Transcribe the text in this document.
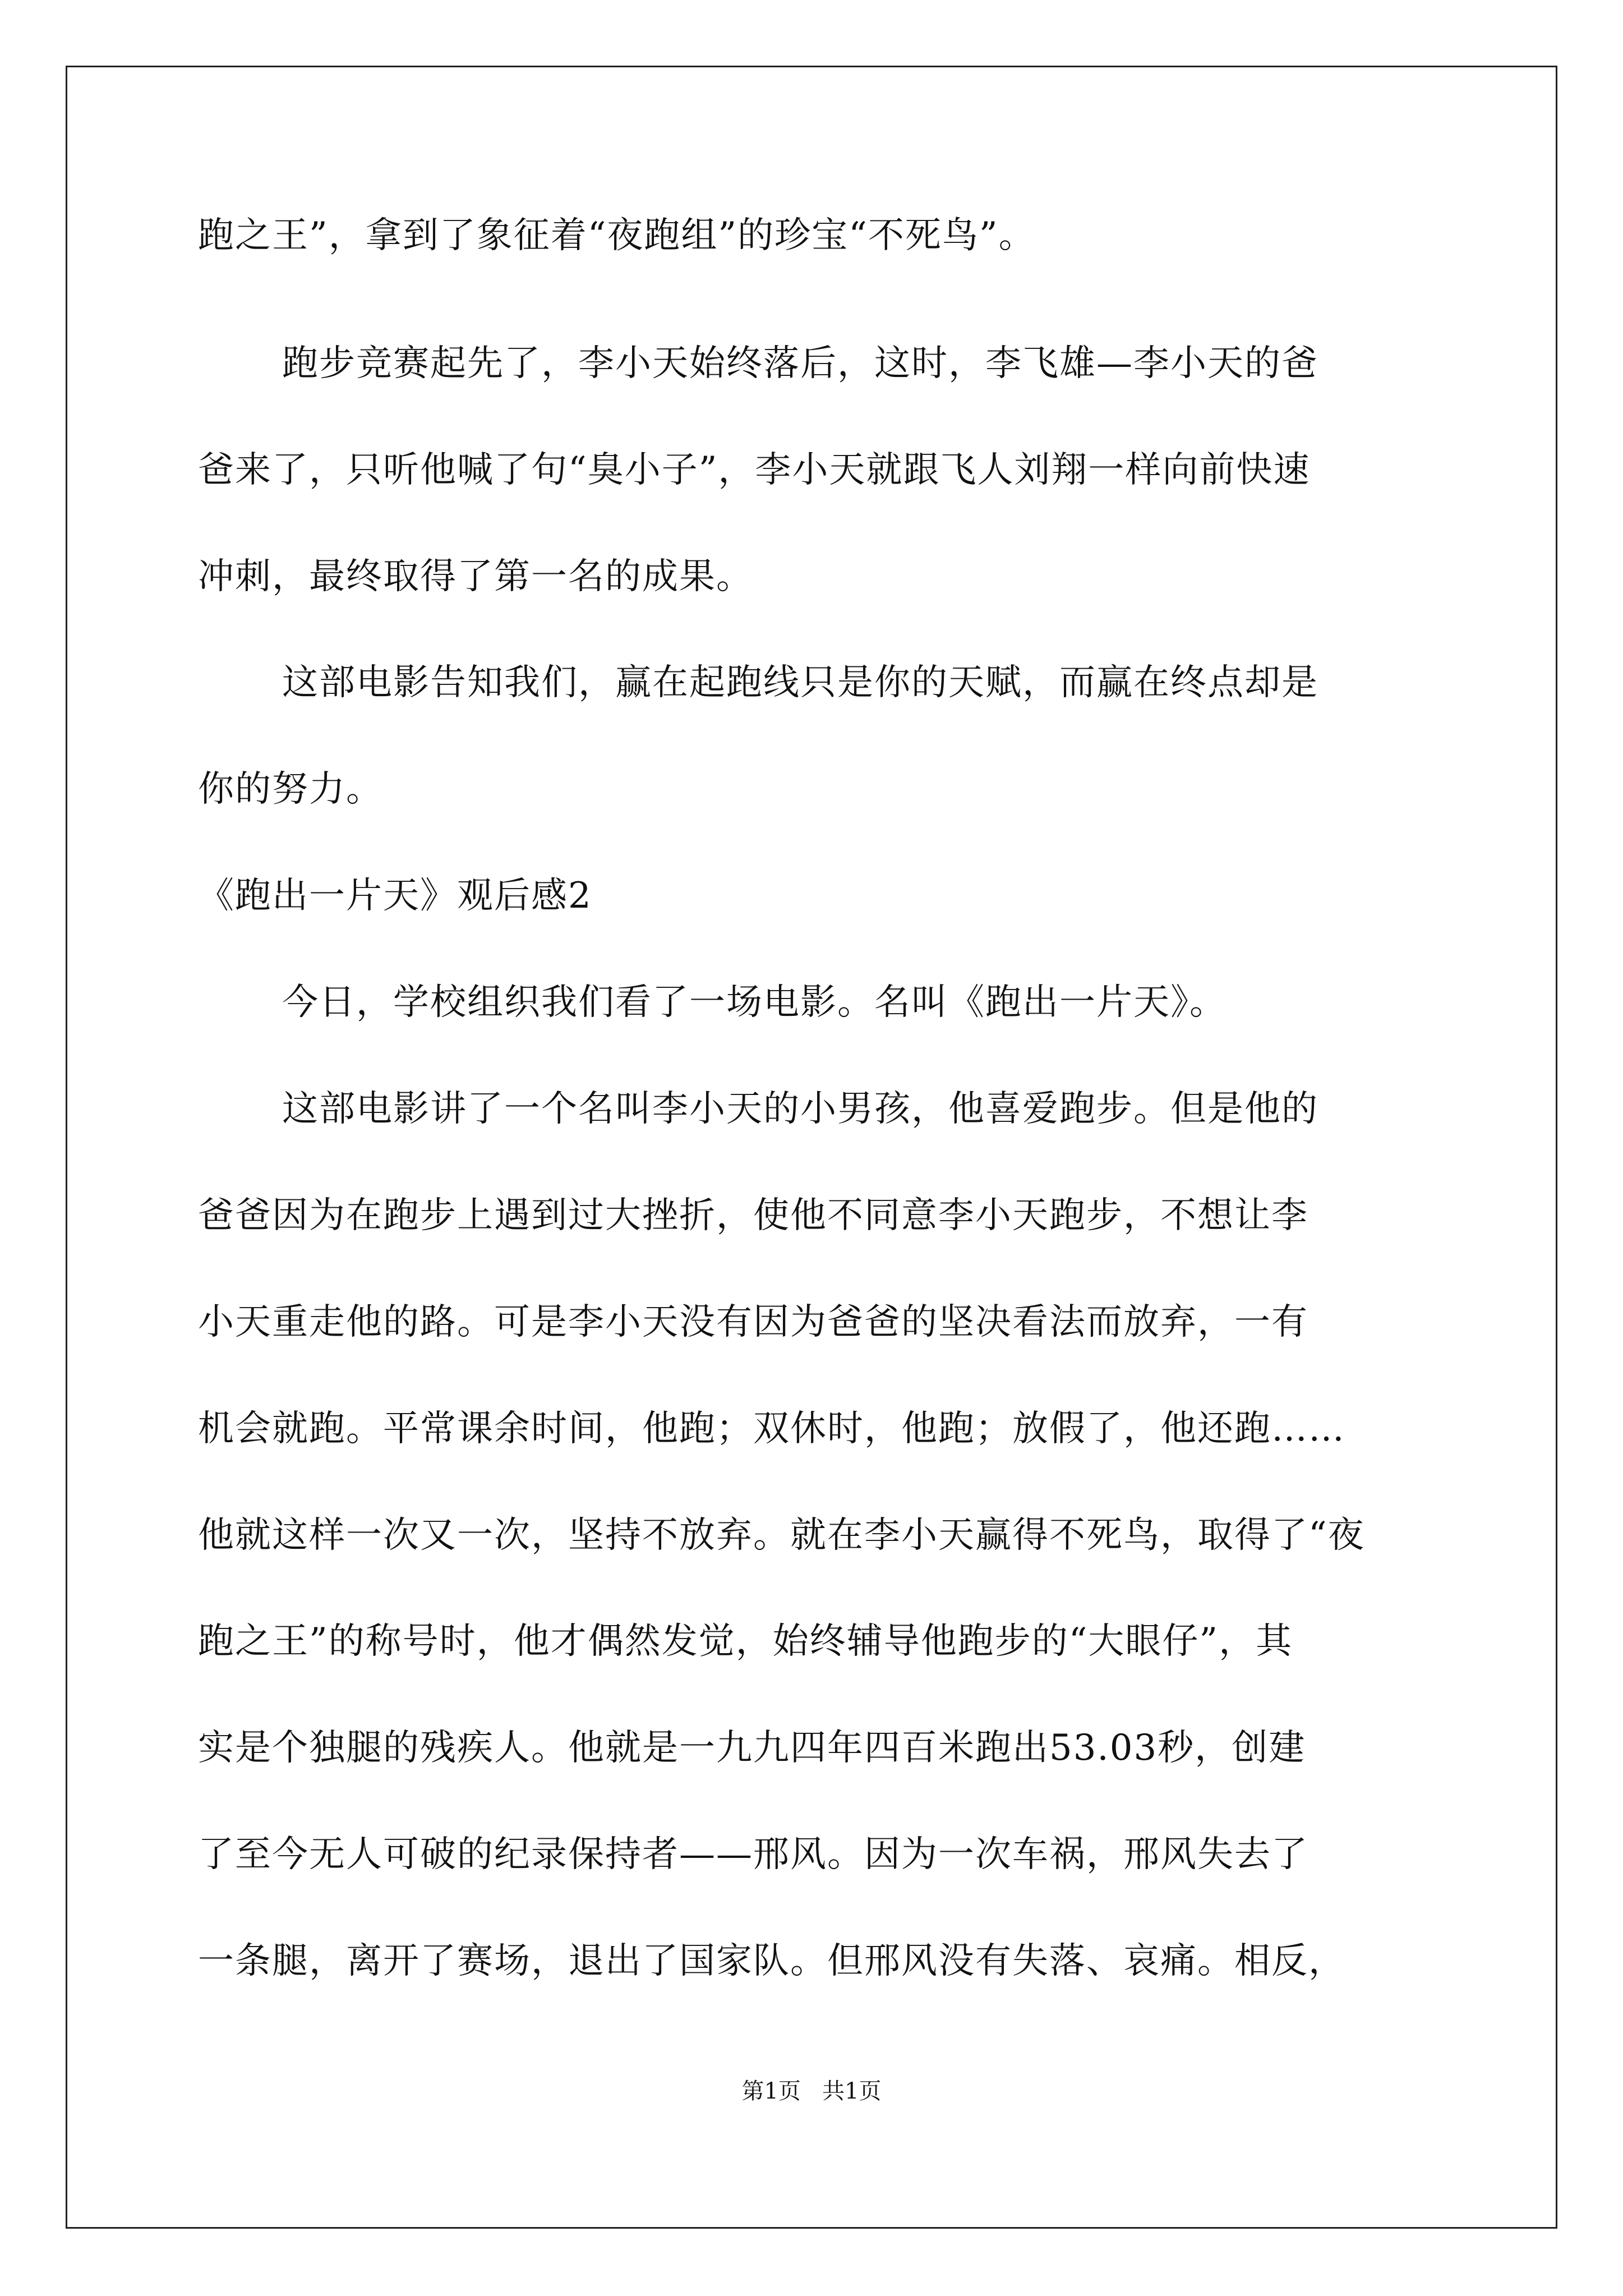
跑之王”，拿到了象征着“夜跑组”的珍宝“不死鸟”。
跑步竞赛起先了，李小天始终落后，这时，李飞雄—李小天的爸
爸来了，只听他喊了句“臭小子”，李小天就跟飞人刘翔一样向前快速
冲刺，最终取得了第一名的成果。
这部电影告知我们，赢在起跑线只是你的天赋，而赢在终点却是
你的努力。
《跑出一片天》观后感2
今日，学校组织我们看了一场电影。名叫《跑出一片天》。
这部电影讲了一个名叫李小天的小男孩，他喜爱跑步。但是他的
爸爸因为在跑步上遇到过大挫折，使他不同意李小天跑步，不想让李
小天重走他的路。可是李小天没有因为爸爸的坚决看法而放弃，一有
机会就跑。平常课余时间，他跑；双休时，他跑；放假了，他还跑……
他就这样一次又一次，坚持不放弃。就在李小天赢得不死鸟，取得了“夜
跑之王”的称号时，他才偶然发觉，始终辅导他跑步的“大眼仔”，其
实是个独腿的残疾人。他就是一九九四年四百米跑出53.03秒，创建
了至今无人可破的纪录保持者——邢风。因为一次车祸，邢风失去了
一条腿，离开了赛场，退出了国家队。但邢风没有失落、哀痛。相反，
第1页   共1页
